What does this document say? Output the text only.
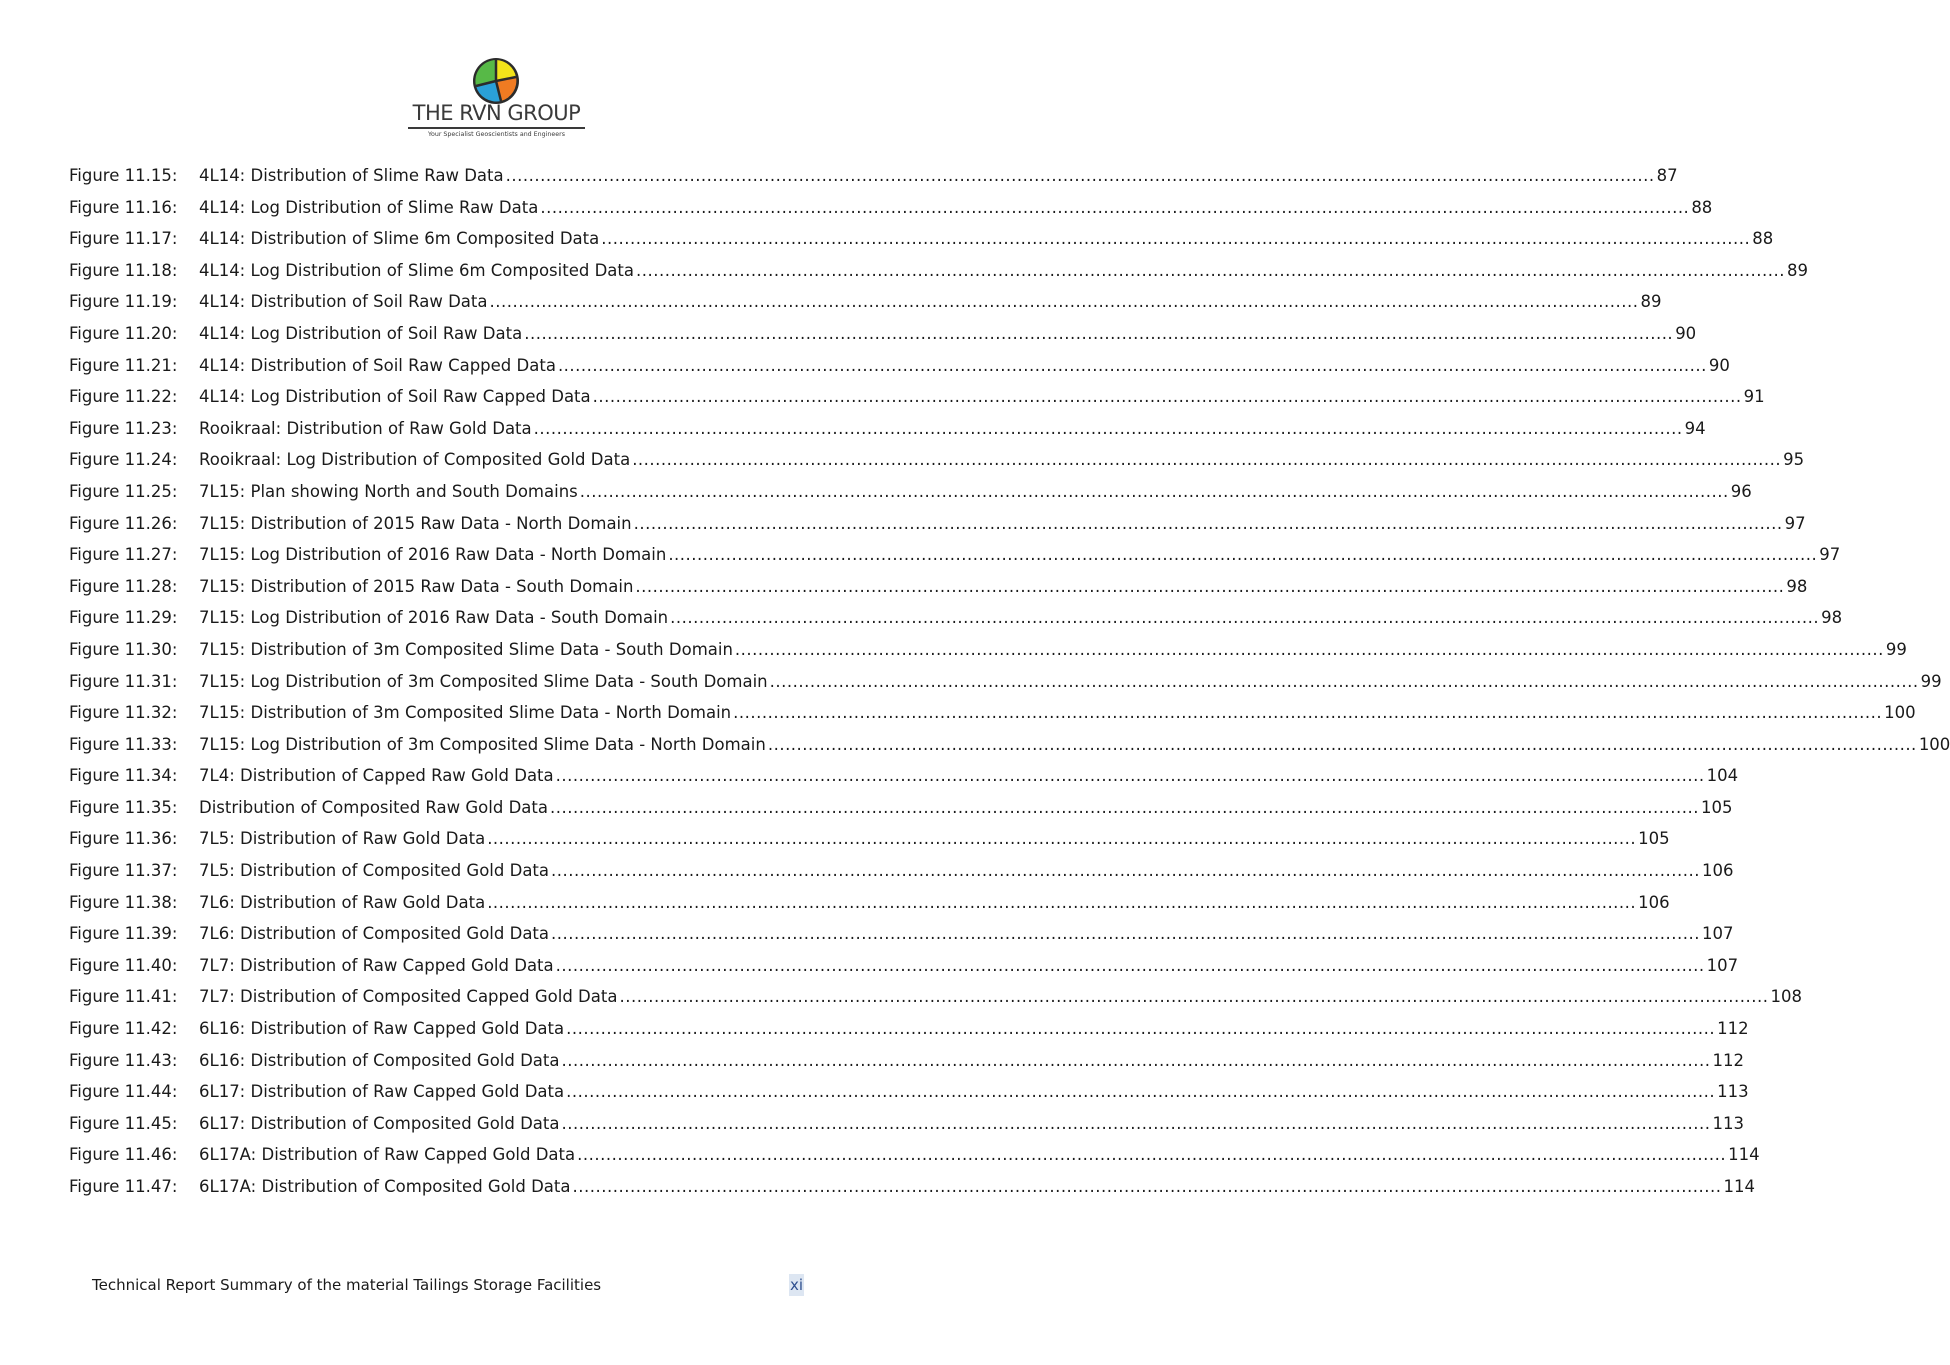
THE RVN GROUP
Your Specialist Geoscientists and Engineers
Figure 11.15:	4L14: Distribution of Slime Raw Data ........................................................................................................................................................................................................ 87
Figure 11.16:	4L14: Log Distribution of Slime Raw Data ........................................................................................................................................................................................................ 88
Figure 11.17:	4L14: Distribution of Slime 6m Composited Data ........................................................................................................................................................................................................ 88
Figure 11.18:	4L14: Log Distribution of Slime 6m Composited Data ........................................................................................................................................................................................................ 89
Figure 11.19:	4L14: Distribution of Soil Raw Data ........................................................................................................................................................................................................ 89
Figure 11.20:	4L14: Log Distribution of Soil Raw Data ........................................................................................................................................................................................................ 90
Figure 11.21:	4L14: Distribution of Soil Raw Capped Data ........................................................................................................................................................................................................ 90
Figure 11.22:	4L14: Log Distribution of Soil Raw Capped Data ........................................................................................................................................................................................................ 91
Figure 11.23:	Rooikraal: Distribution of Raw Gold Data ........................................................................................................................................................................................................ 94
Figure 11.24:	Rooikraal: Log Distribution of Composited Gold Data ........................................................................................................................................................................................................ 95
Figure 11.25:	7L15: Plan showing North and South Domains ........................................................................................................................................................................................................ 96
Figure 11.26:	7L15: Distribution of 2015 Raw Data - North Domain ........................................................................................................................................................................................................ 97
Figure 11.27:	7L15: Log Distribution of 2016 Raw Data - North Domain ........................................................................................................................................................................................................ 97
Figure 11.28:	7L15: Distribution of 2015 Raw Data - South Domain ........................................................................................................................................................................................................ 98
Figure 11.29:	7L15: Log Distribution of 2016 Raw Data - South Domain ........................................................................................................................................................................................................ 98
Figure 11.30:	7L15: Distribution of 3m Composited Slime Data - South Domain ........................................................................................................................................................................................................ 99
Figure 11.31:	7L15: Log Distribution of 3m Composited Slime Data - South Domain ........................................................................................................................................................................................................ 99
Figure 11.32:	7L15: Distribution of 3m Composited Slime Data - North Domain ........................................................................................................................................................................................................ 100
Figure 11.33:	7L15: Log Distribution of 3m Composited Slime Data - North Domain ........................................................................................................................................................................................................ 100
Figure 11.34:	7L4: Distribution of Capped Raw Gold Data ........................................................................................................................................................................................................ 104
Figure 11.35:	Distribution of Composited Raw Gold Data ........................................................................................................................................................................................................ 105
Figure 11.36:	7L5: Distribution of Raw Gold Data ........................................................................................................................................................................................................ 105
Figure 11.37:	7L5: Distribution of Composited Gold Data ........................................................................................................................................................................................................ 106
Figure 11.38:	7L6: Distribution of Raw Gold Data ........................................................................................................................................................................................................ 106
Figure 11.39:	7L6: Distribution of Composited Gold Data ........................................................................................................................................................................................................ 107
Figure 11.40:	7L7: Distribution of Raw Capped Gold Data ........................................................................................................................................................................................................ 107
Figure 11.41:	7L7: Distribution of Composited Capped Gold Data ........................................................................................................................................................................................................ 108
Figure 11.42:	6L16: Distribution of Raw Capped Gold Data ........................................................................................................................................................................................................ 112
Figure 11.43:	6L16: Distribution of Composited Gold Data ........................................................................................................................................................................................................ 112
Figure 11.44:	6L17: Distribution of Raw Capped Gold Data ........................................................................................................................................................................................................ 113
Figure 11.45:	6L17: Distribution of Composited Gold Data ........................................................................................................................................................................................................ 113
Figure 11.46:	6L17A: Distribution of Raw Capped Gold Data ........................................................................................................................................................................................................ 114
Figure 11.47:	6L17A: Distribution of Composited Gold Data ........................................................................................................................................................................................................ 114
Technical Report Summary of the material Tailings Storage Facilities	xi
